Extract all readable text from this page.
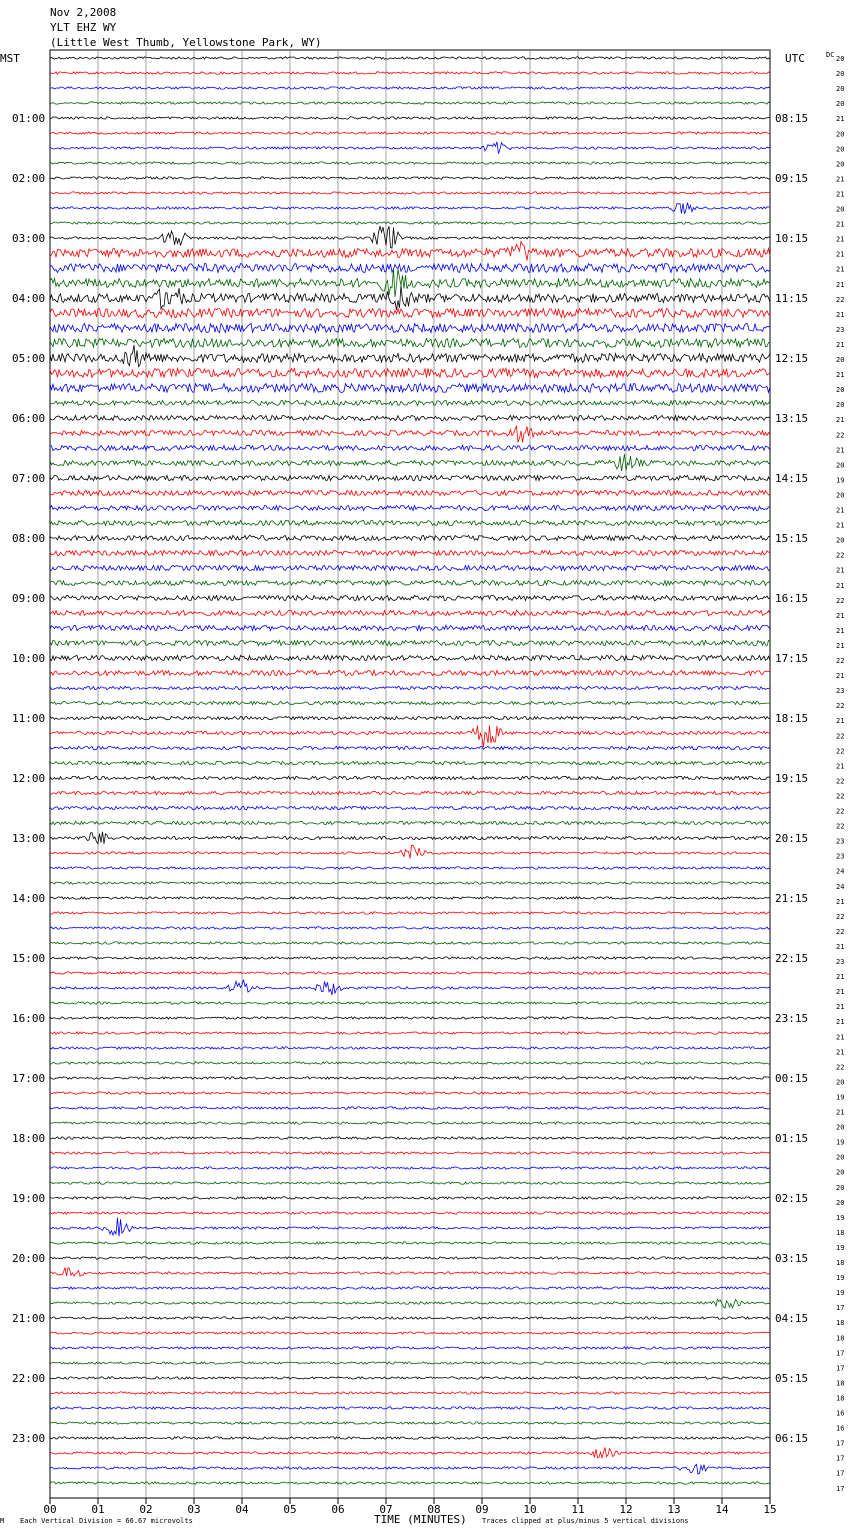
Nov 2,2008
YLT EHZ WY
(Little West Thumb, Yellowstone Park, WY)
MST	UTC	DC
01:00
02:00
03:00
04:00
05:00
06:00
07:00
08:00
09:00
10:00
11:00
12:00
13:00
14:00
15:00
16:00
17:00
18:00
19:00
20:00
21:00
22:00
23:00
08:15
09:15
10:15
11:15
12:15
13:15
14:15
15:15
16:15
17:15
18:15
19:15
20:15
21:15
22:15
23:15
00:15
01:15
02:15
03:15
04:15
05:15
06:15
20
20
20
20
21
20
20
20
21
21
20
21
21
21
21
21
22
21
23
21
20
21
20
20
21
22
21
20
19
20
21
21
20
22
21
21
22
21
21
21
22
21
23
22
21
22
22
21
22
22
22
22
23
23
24
24
21
22
22
21
23
21
21
21
21
21
21
22
20
19
21
20
19
20
20
20
20
19
18
19
18
19
19
17
18
18
17
17
18
18
16
16
17
17
17
17
00	01	02	03	04	05	06	07	08	09	10	11	12	13	14	15
M Each Vertical Division = 66.67 microvolts	TIME (MINUTES) Traces clipped at plus/minus 5 vertical divisions
